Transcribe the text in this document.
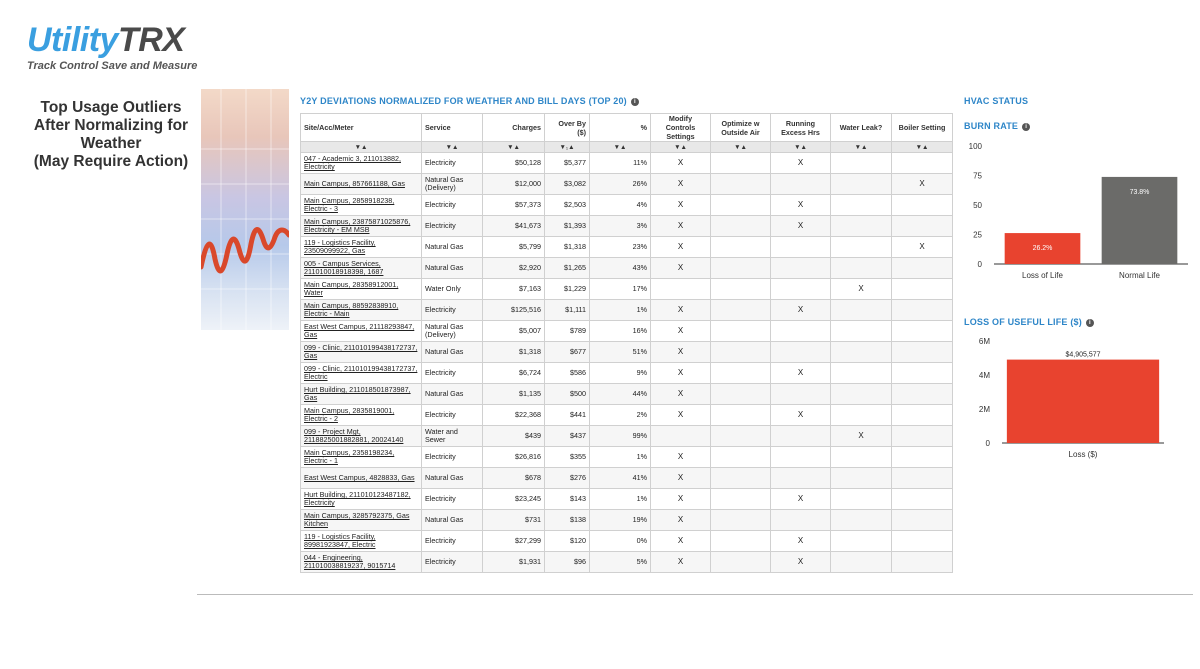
UtilityTRX
Track Control Save and Measure
Top Usage Outliers
After Normalizing for
Weather
(May Require Action)
Y2Y DEVIATIONS NORMALIZED FOR WEATHER AND BILL DAYS (TOP 20) i
Site/Acc/Meter	Service	Charges	Over By ($)	%	Modify Controls Settings	Optimize w Outside Air	Running Excess Hrs	Water Leak?	Boiler Setting
▼▲	▼▲	▼▲	▼₁▲	▼▲	▼▲	▼▲	▼▲	▼▲	▼▲
047 - Academic 3, 211013882, Electricity	Electricity	$50,128	$5,377	11%	X		X		
Main Campus, 857661188, Gas	Natural Gas (Delivery)	$12,000	$3,082	26%	X				X
Main Campus, 2858918238, Electric - 3	Electricity	$57,373	$2,503	4%	X		X		
Main Campus, 23875871025876, Electricity - EM MSB	Electricity	$41,673	$1,393	3%	X		X		
119 - Logistics Facility, 23509099922, Gas	Natural Gas	$5,799	$1,318	23%	X				X
005 - Campus Services, 211010018918398, 1687	Natural Gas	$2,920	$1,265	43%	X				
Main Campus, 28358912001, Water	Water Only	$7,163	$1,229	17%				X	
Main Campus, 88592838910, Electric - Main	Electricity	$125,516	$1,111	1%	X		X		
East West Campus, 21118293847, Gas	Natural Gas (Delivery)	$5,007	$789	16%	X				
099 - Clinic, 211010199438172737, Gas	Natural Gas	$1,318	$677	51%	X				
099 - Clinic, 211010199438172737, Electric	Electricity	$6,724	$586	9%	X		X		
Hurt Building, 211018501873987, Gas	Natural Gas	$1,135	$500	44%	X				
Main Campus, 2835819001, Electric - 2	Electricity	$22,368	$441	2%	X		X		
099 - Project Mgt, 2118825001882881, 20024140	Water and Sewer	$439	$437	99%				X	
Main Campus, 2358198234, Electric - 1	Electricity	$26,816	$355	1%	X				
East West Campus, 4828833, Gas	Natural Gas	$678	$276	41%	X				
Hurt Building, 211010123487182, Electricity	Electricity	$23,245	$143	1%	X		X		
Main Campus, 3285792375, Gas Kitchen	Natural Gas	$731	$138	19%	X				
119 - Logistics Facility, 89981923847, Electric	Electricity	$27,299	$120	0%	X		X		
044 - Engineering, 211010038819237, 9015714	Electricity	$1,931	$96	5%	X		X		
HVAC STATUS
BURN RATE i
0
25
50
75
100
26.2%
Loss of Life
73.8%
Normal Life
LOSS OF USEFUL LIFE ($) i
0
2M
4M
6M
$4,905,577
Loss ($)
